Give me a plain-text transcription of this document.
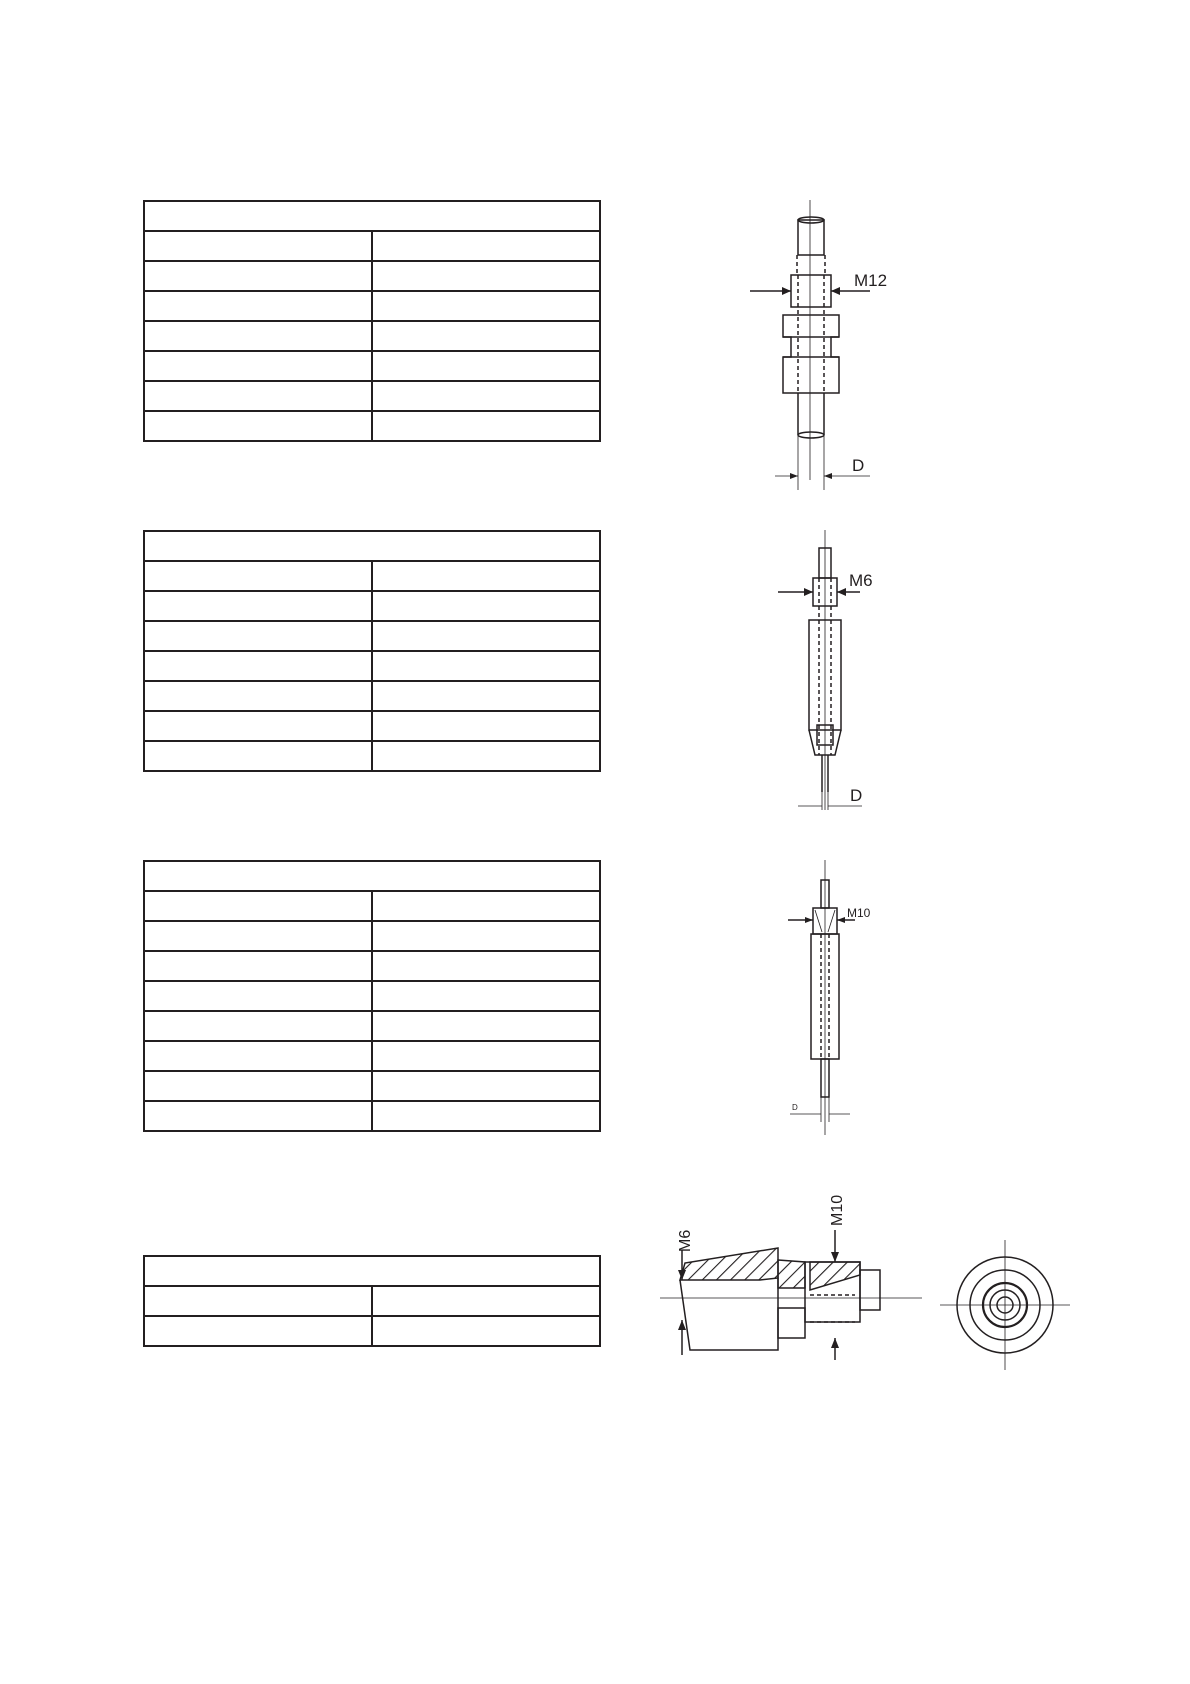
M12
D
M6
D
M10
D
M6
M10
